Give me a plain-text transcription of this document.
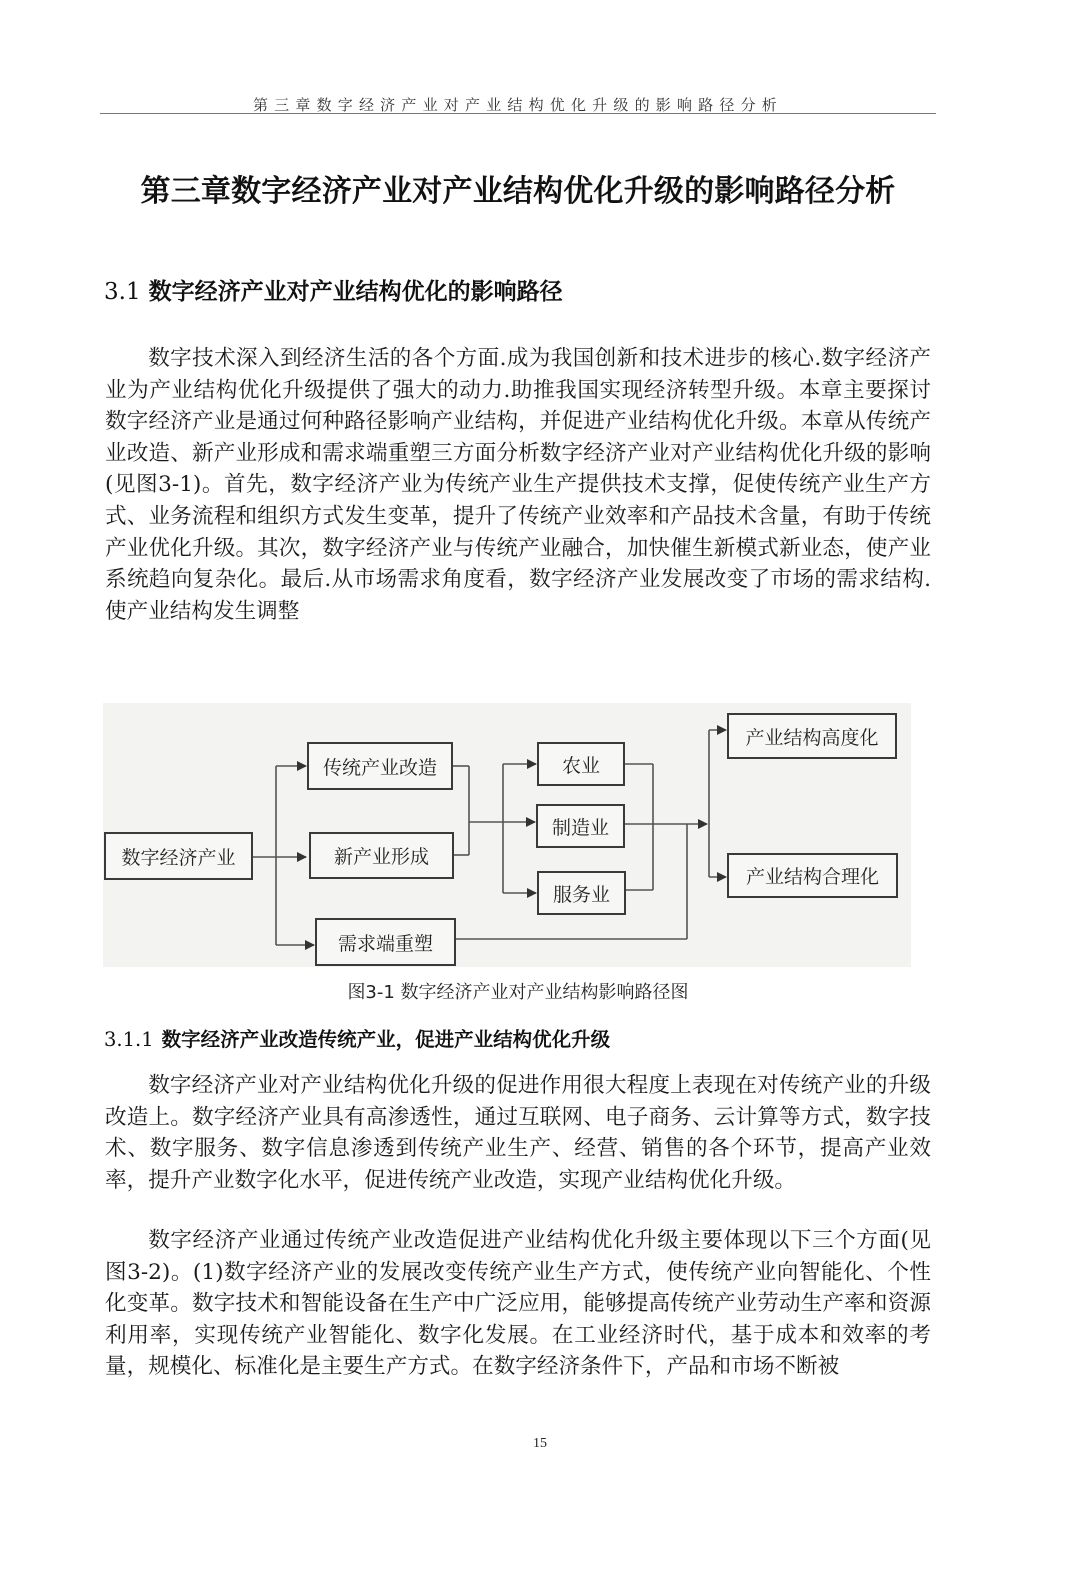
第三章数字经济产业对产业结构优化升级的影响路径分析
第三章数字经济产业对产业结构优化升级的影响路径分析
3.1 数字经济产业对产业结构优化的影响路径

数字技术深入到经济生活的各个方面.成为我国创新和技术进步的核心.数字经济产业为产业结构优化升级提供了强大的动力.助推我国实现经济转型升级。本章主要探讨数字经济产业是通过何种路径影响产业结构，并促进产业结构优化升级。本章从传统产业改造、新产业形成和需求端重塑三方面分析数字经济产业对产业结构优化升级的影响(见图3-1)。首先，数字经济产业为传统产业生产提供技术支撑，促使传统产业生产方式、业务流程和组织方式发生变革，提升了传统产业效率和产品技术含量，有助于传统产业优化升级。其次，数字经济产业与传统产业融合，加快催生新模式新业态，使产业系统趋向复杂化。最后.从市场需求角度看，数字经济产业发展改变了市场的需求结构.使产业结构发生调整

数字经济产业
传统产业改造
新产业形成
需求端重塑
农业
制造业
服务业
产业结构高度化
产业结构合理化
图3-1 数字经济产业对产业结构影响路径图
3.1.1 数字经济产业改造传统产业，促进产业结构优化升级

数字经济产业对产业结构优化升级的促进作用很大程度上表现在对传统产业的升级改造上。数字经济产业具有高渗透性，通过互联网、电子商务、云计算等方式，数字技术、数字服务、数字信息渗透到传统产业生产、经营、销售的各个环节，提高产业效率，提升产业数字化水平，促进传统产业改造，实现产业结构优化升级。

数字经济产业通过传统产业改造促进产业结构优化升级主要体现以下三个方面(见图3-2)。(1)数字经济产业的发展改变传统产业生产方式，使传统产业向智能化、个性化变革。数字技术和智能设备在生产中广泛应用，能够提高传统产业劳动生产率和资源利用率，实现传统产业智能化、数字化发展。在工业经济时代，基于成本和效率的考量，规模化、标准化是主要生产方式。在数字经济条件下，产品和市场不断被

15
